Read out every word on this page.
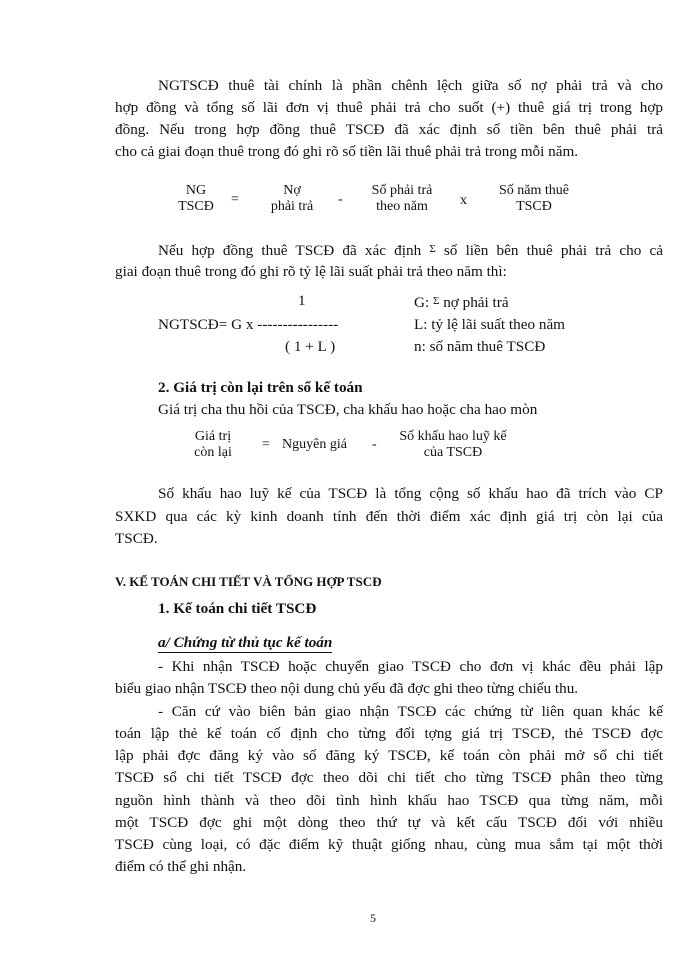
NGTSCĐ thuê tài chính là phần chênh lệch giữa số nợ phải trả và cho
hợp đồng và tổng số lãi đơn vị thuê phải trả cho suốt (+) thuê giá trị trong hợp
đồng. Nếu trong hợp đồng thuê TSCĐ đã xác định số tiền bên thuê phải trả
cho cả giai đoạn thuê trong đó ghi rõ số tiền lãi thuê phải trả trong mỗi năm.
NG
TSCĐ	=
Nợ
phải trả	-
Số phải trả
theo năm	x
Số năm thuê
TSCĐ
Nếu hợp đồng thuê TSCĐ đã xác định Σ số liền bên thuê phải trả cho cả
giai đoạn thuê trong đó ghi rõ tỷ lệ lãi suất phải trả theo năm thì:
1
NGTSCĐ= G x ----------------
( 1 + L )
G: Σ nợ phải trả
L: tỷ lệ lãi suất theo năm
n: số năm thuê TSCĐ
2. Giá trị còn lại trên sổ kế toán
Giá trị cha thu hồi của TSCĐ, cha khấu hao hoặc cha hao mòn
Giá trị
còn lại
= Nguyên giá -
Số khấu hao luỹ kế
của TSCĐ
Số khấu hao luỹ kế của TSCĐ là tổng cộng số khấu hao đã trích vào CP
SXKD qua các kỳ kinh doanh tính đến thời điểm xác định giá trị còn lại của
TSCĐ.
V. KẾ TOÁN CHI TIẾT VÀ TỔNG HỢP TSCĐ
1. Kế toán chi tiết TSCĐ
a/ Chứng từ thủ tục kế toán
- Khi nhận TSCĐ hoặc chuyển giao TSCĐ cho đơn vị khác đều phải lập
biểu giao nhận TSCĐ theo nội dung chủ yếu đã đợc ghi theo từng chiếu thu.
- Căn cứ vào biên bản giao nhận TSCĐ các chứng từ liên quan khác kế
toán lập thẻ kế toán cố định cho từng đối tợng giá trị TSCĐ, thẻ TSCĐ đợc
lập phải đợc đăng ký vào sổ đăng ký TSCĐ, kế toán còn phải mở sổ chi tiết
TSCĐ sổ chi tiết TSCĐ đợc theo dõi chi tiết cho từng TSCĐ phân theo từng
nguồn hình thành và theo dõi tình hình khấu hao TSCĐ qua từng năm, mỗi
một TSCĐ đợc ghi một dòng theo thứ tự và kết cấu TSCĐ đối với nhiều
TSCĐ cùng loại, có đặc điểm kỹ thuật giống nhau, cùng mua sắm tại một thời
điểm có thể ghi nhận.
5
